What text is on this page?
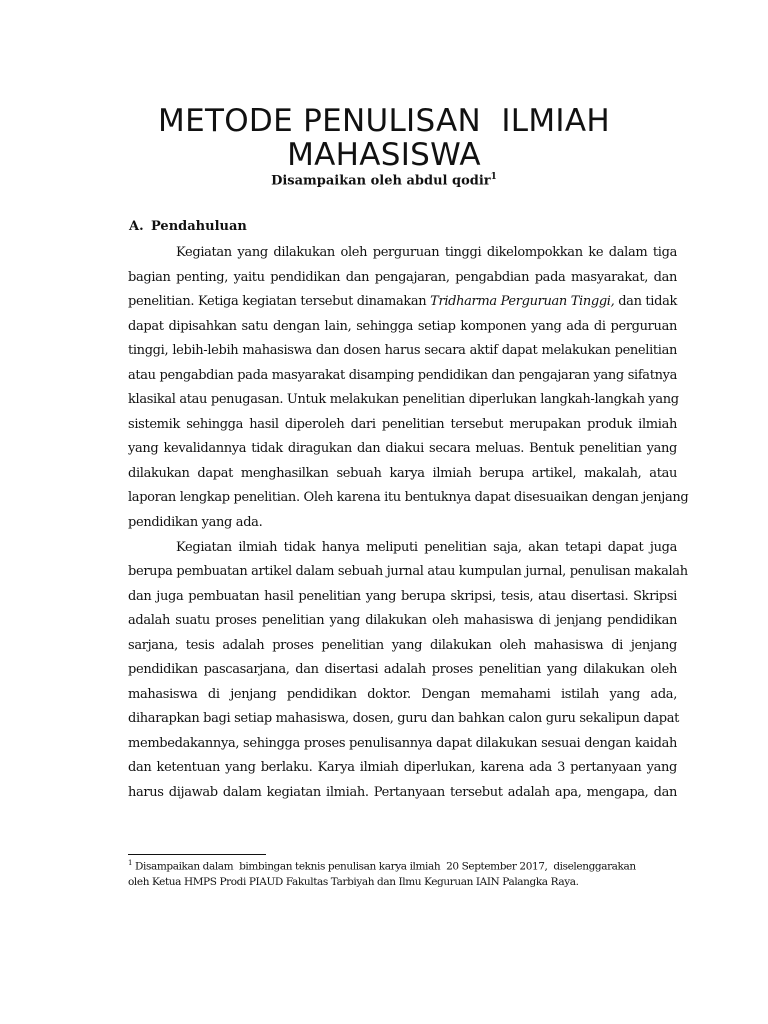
METODE PENULISAN  ILMIAH
MAHASISWA
Disampaikan oleh abdul qodir$^1$
A. Pendahuluan
Kegiatan yang dilakukan oleh perguruan tinggi dikelompokkan ke dalam tiga
bagian penting, yaitu pendidikan dan pengajaran, pengabdian pada masyarakat, dan
penelitian. Ketiga kegiatan tersebut dinamakan Tridharma Perguruan Tinggi, dan tidak
dapat dipisahkan satu dengan lain, sehingga setiap komponen yang ada di perguruan
tinggi, lebih-lebih mahasiswa dan dosen harus secara aktif dapat melakukan penelitian
atau pengabdian pada masyarakat disamping pendidikan dan pengajaran yang sifatnya
klasikal atau penugasan. Untuk melakukan penelitian diperlukan langkah-langkah yang
sistemik sehingga hasil diperoleh dari penelitian tersebut merupakan produk ilmiah
yang kevalidannya tidak diragukan dan diakui secara meluas. Bentuk penelitian yang
dilakukan dapat menghasilkan sebuah karya ilmiah berupa artikel, makalah, atau
laporan lengkap penelitian. Oleh karena itu bentuknya dapat disesuaikan dengan jenjang
pendidikan yang ada.
Kegiatan ilmiah tidak hanya meliputi penelitian saja, akan tetapi dapat juga
berupa pembuatan artikel dalam sebuah jurnal atau kumpulan jurnal, penulisan makalah
dan juga pembuatan hasil penelitian yang berupa skripsi, tesis, atau disertasi. Skripsi
adalah suatu proses penelitian yang dilakukan oleh mahasiswa di jenjang pendidikan
sarjana, tesis adalah proses penelitian yang dilakukan oleh mahasiswa di jenjang
pendidikan pascasarjana, dan disertasi adalah proses penelitian yang dilakukan oleh
mahasiswa di jenjang pendidikan doktor. Dengan memahami istilah yang ada,
diharapkan bagi setiap mahasiswa, dosen, guru dan bahkan calon guru sekalipun dapat
membedakannya, sehingga proses penulisannya dapat dilakukan sesuai dengan kaidah
dan ketentuan yang berlaku. Karya ilmiah diperlukan, karena ada 3 pertanyaan yang
harus dijawab dalam kegiatan ilmiah. Pertanyaan tersebut adalah apa, mengapa, dan
$^1$ Disampaikan dalam  bimbingan teknis penulisan karya ilmiah  20 September 2017,  diselenggarakan
oleh Ketua HMPS Prodi PIAUD Fakultas Tarbiyah dan Ilmu Keguruan IAIN Palangka Raya.
